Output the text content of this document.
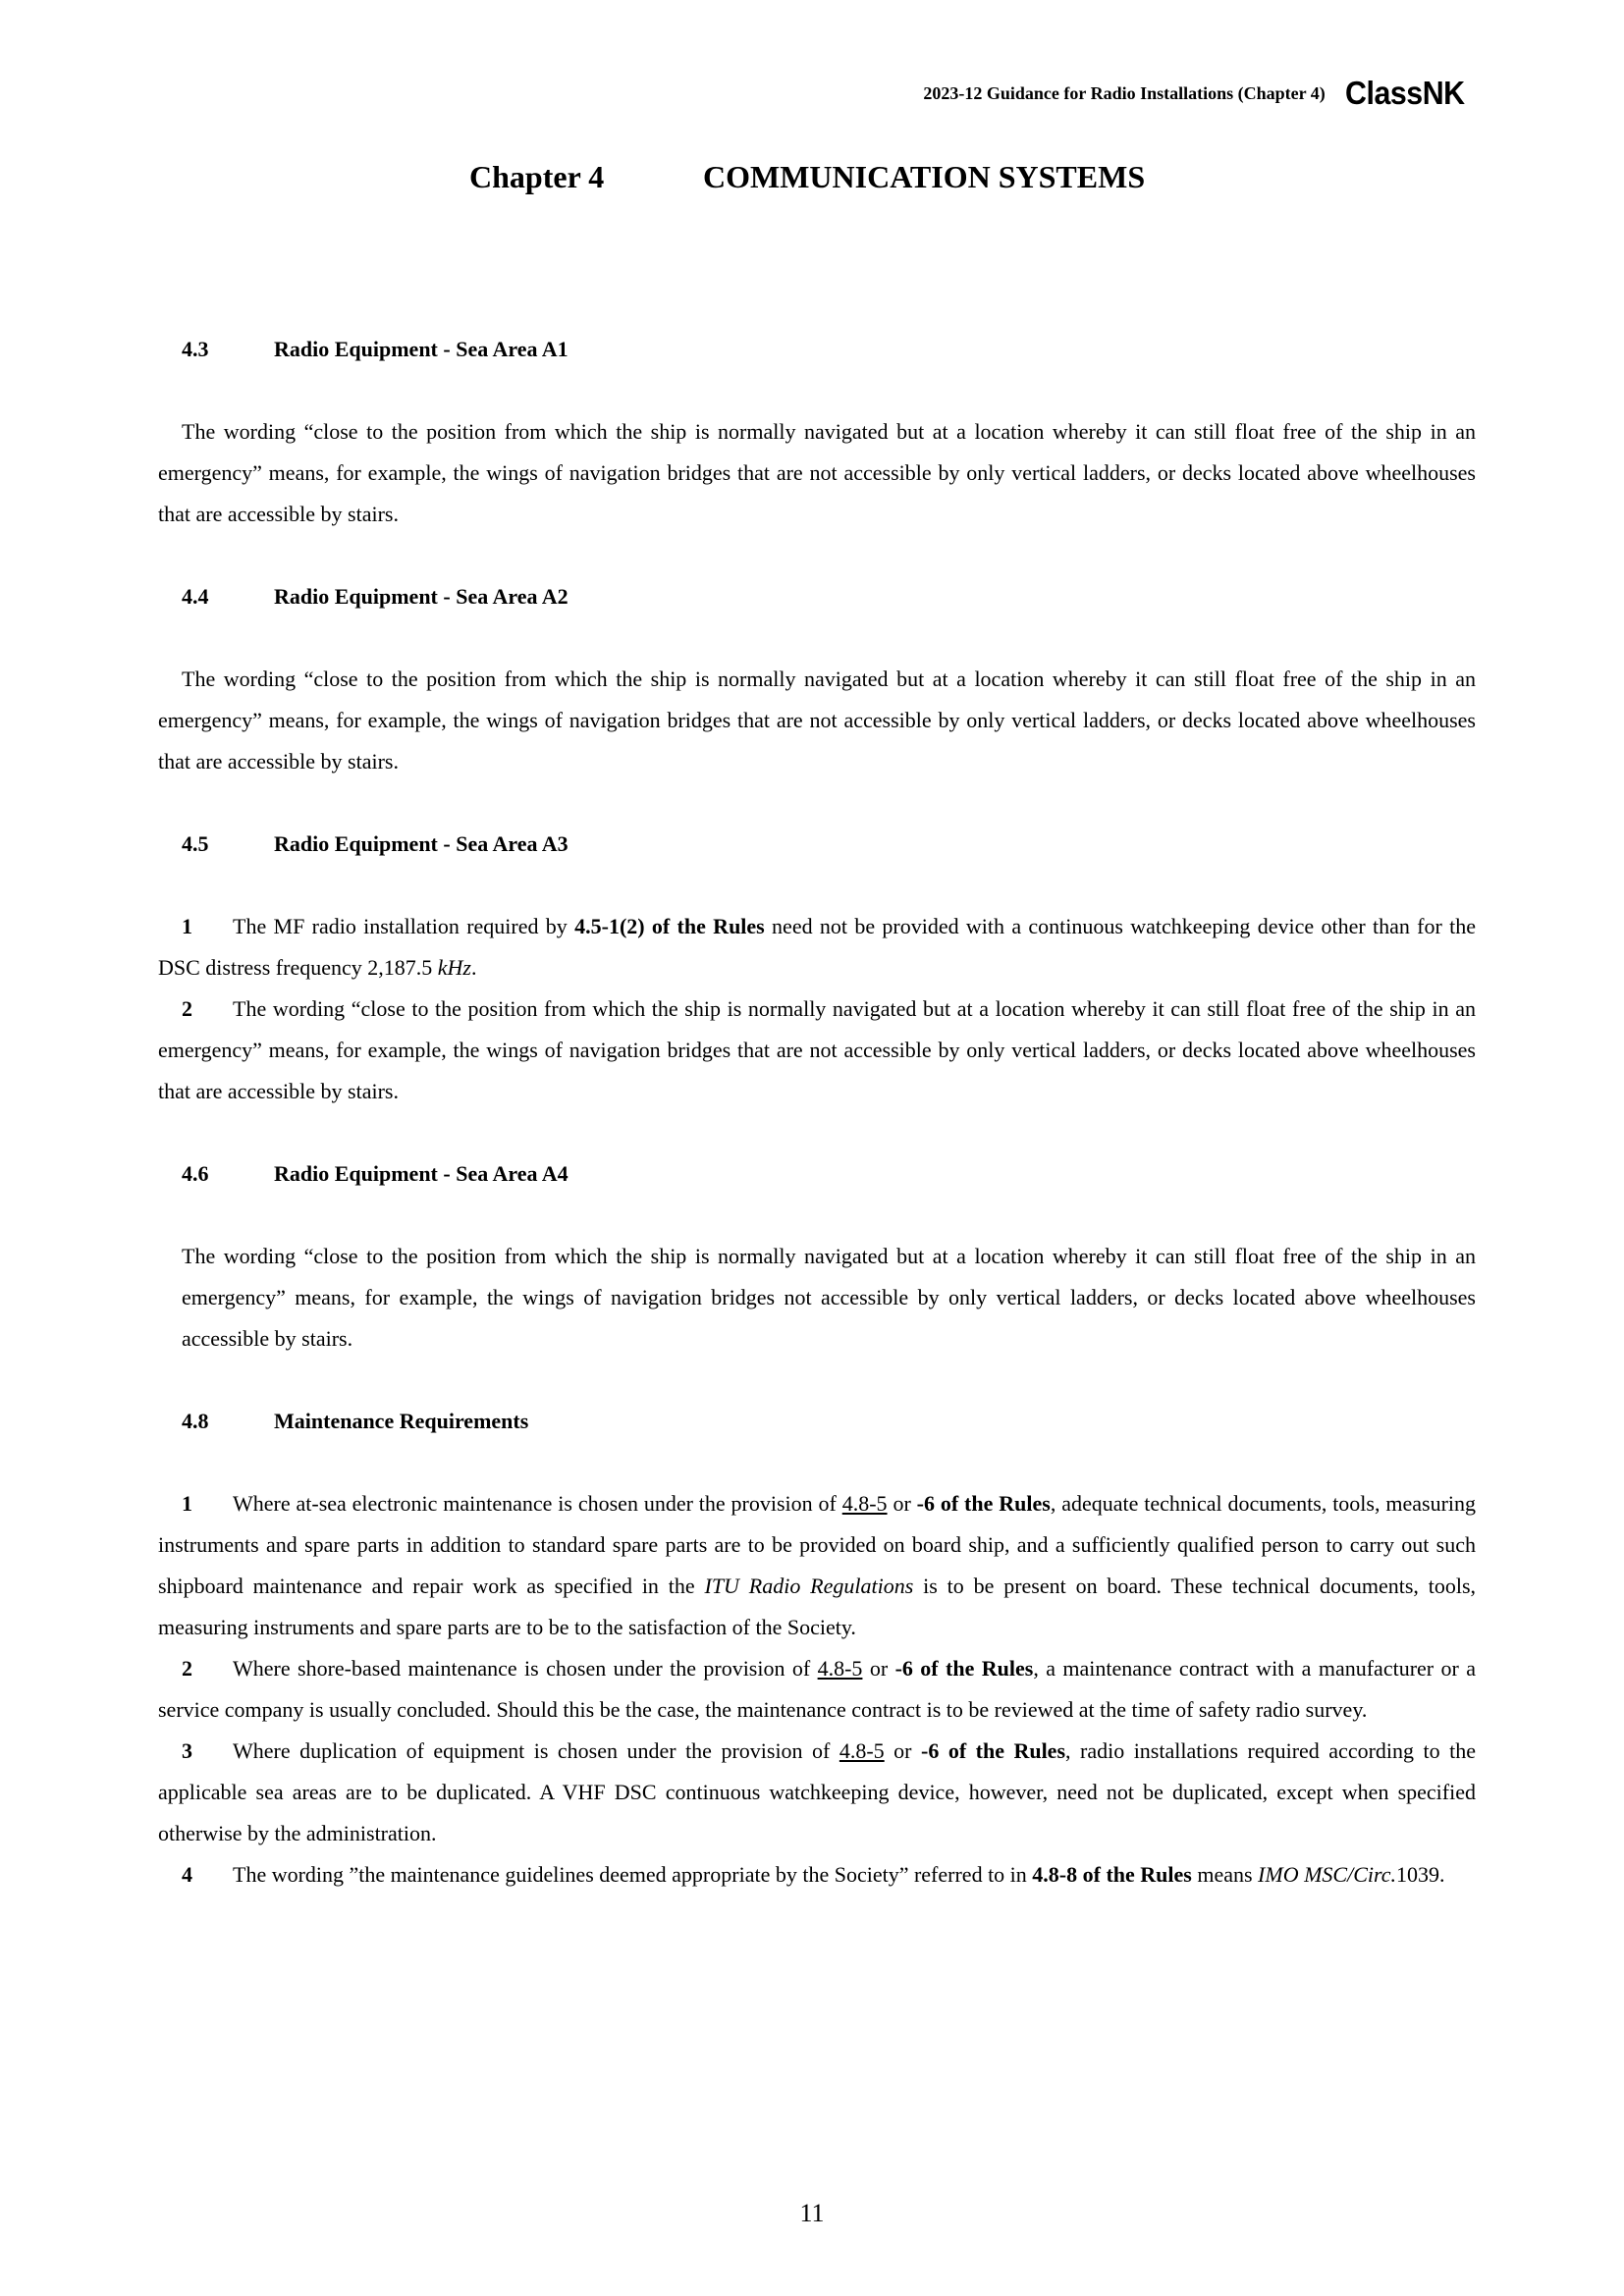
2023-12 Guidance for Radio Installations (Chapter 4) ClassNK
Chapter 4	COMMUNICATION SYSTEMS
4.3	Radio Equipment - Sea Area A1

The wording “close to the position from which the ship is normally navigated but at a location whereby it can still float free of the ship in an emergency” means, for example, the wings of navigation bridges that are not accessible by only vertical ladders, or decks located above wheelhouses that are accessible by stairs.

4.4	Radio Equipment - Sea Area A2

The wording “close to the position from which the ship is normally navigated but at a location whereby it can still float free of the ship in an emergency” means, for example, the wings of navigation bridges that are not accessible by only vertical ladders, or decks located above wheelhouses that are accessible by stairs.

4.5	Radio Equipment - Sea Area A3

1 The MF radio installation required by 4.5-1(2) of the Rules need not be provided with a continuous watchkeeping device other than for the DSC distress frequency 2,187.5 kHz.

2 The wording “close to the position from which the ship is normally navigated but at a location whereby it can still float free of the ship in an emergency” means, for example, the wings of navigation bridges that are not accessible by only vertical ladders, or decks located above wheelhouses that are accessible by stairs.

4.6	Radio Equipment - Sea Area A4

The wording “close to the position from which the ship is normally navigated but at a location whereby it can still float free of the ship in an emergency” means, for example, the wings of navigation bridges not accessible by only vertical ladders, or decks located above wheelhouses accessible by stairs.

4.8	Maintenance Requirements

1 Where at-sea electronic maintenance is chosen under the provision of 4.8-5 or -6 of the Rules, adequate technical documents, tools, measuring instruments and spare parts in addition to standard spare parts are to be provided on board ship, and a sufficiently qualified person to carry out such shipboard maintenance and repair work as specified in the ITU Radio Regulations is to be present on board. These technical documents, tools, measuring instruments and spare parts are to be to the satisfaction of the Society.

2 Where shore-based maintenance is chosen under the provision of 4.8-5 or -6 of the Rules, a maintenance contract with a manufacturer or a service company is usually concluded. Should this be the case, the maintenance contract is to be reviewed at the time of safety radio survey.

3 Where duplication of equipment is chosen under the provision of 4.8-5 or -6 of the Rules, radio installations required according to the applicable sea areas are to be duplicated. A VHF DSC continuous watchkeeping device, however, need not be duplicated, except when specified otherwise by the administration.

4 The wording ”the maintenance guidelines deemed appropriate by the Society” referred to in 4.8-8 of the Rules means IMO MSC/Circ.1039.

11
